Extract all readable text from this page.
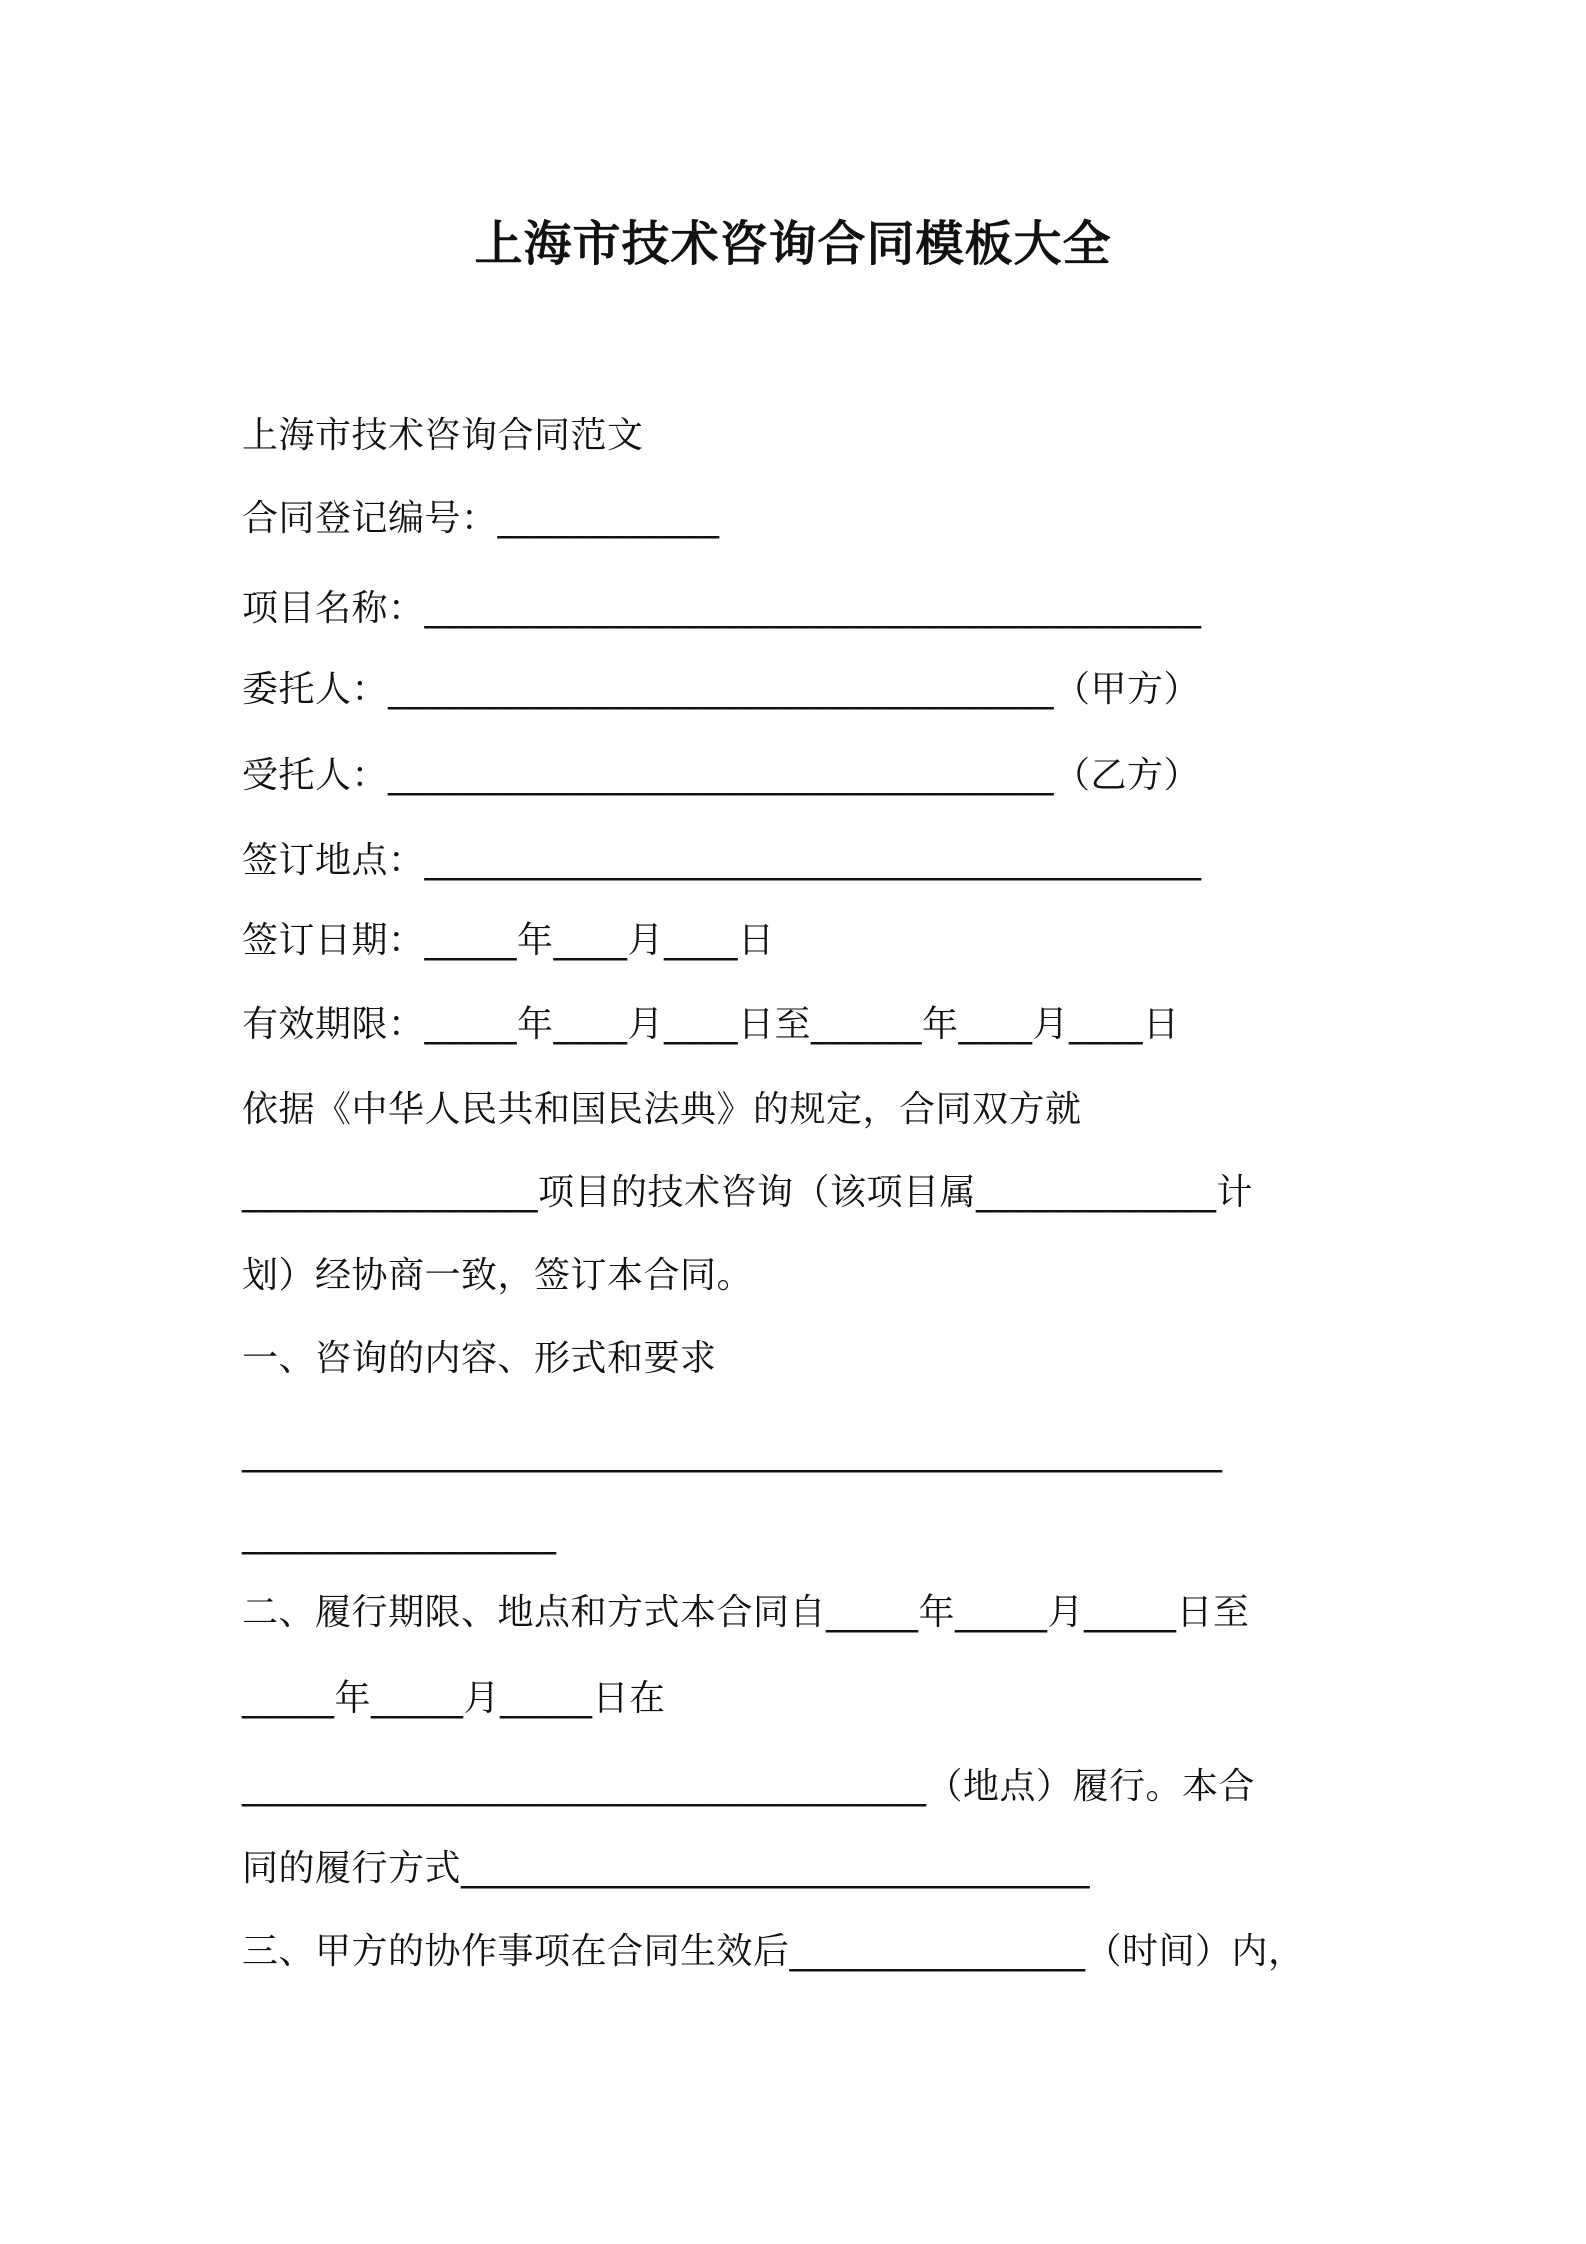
上海市技术咨询合同模板大全
上海市技术咨询合同范文
合同登记编号：____________
项目名称：__________________________________________
委托人：____________________________________（甲方）
受托人：____________________________________（乙方）
签订地点：__________________________________________
签订日期：_____年____月____日
有效期限：_____年____月____日至______年____月____日
依据《中华人民共和国民法典》的规定，合同双方就
________________项目的技术咨询（该项目属_____________计
划）经协商一致，签订本合同。
一、咨询的内容、形式和要求
_____________________________________________________
_________________
二、履行期限、地点和方式本合同自_____年_____月_____日至
_____年_____月_____日在
_____________________________________（地点）履行。本合
同的履行方式__________________________________
三、甲方的协作事项在合同生效后________________（时间）内，
